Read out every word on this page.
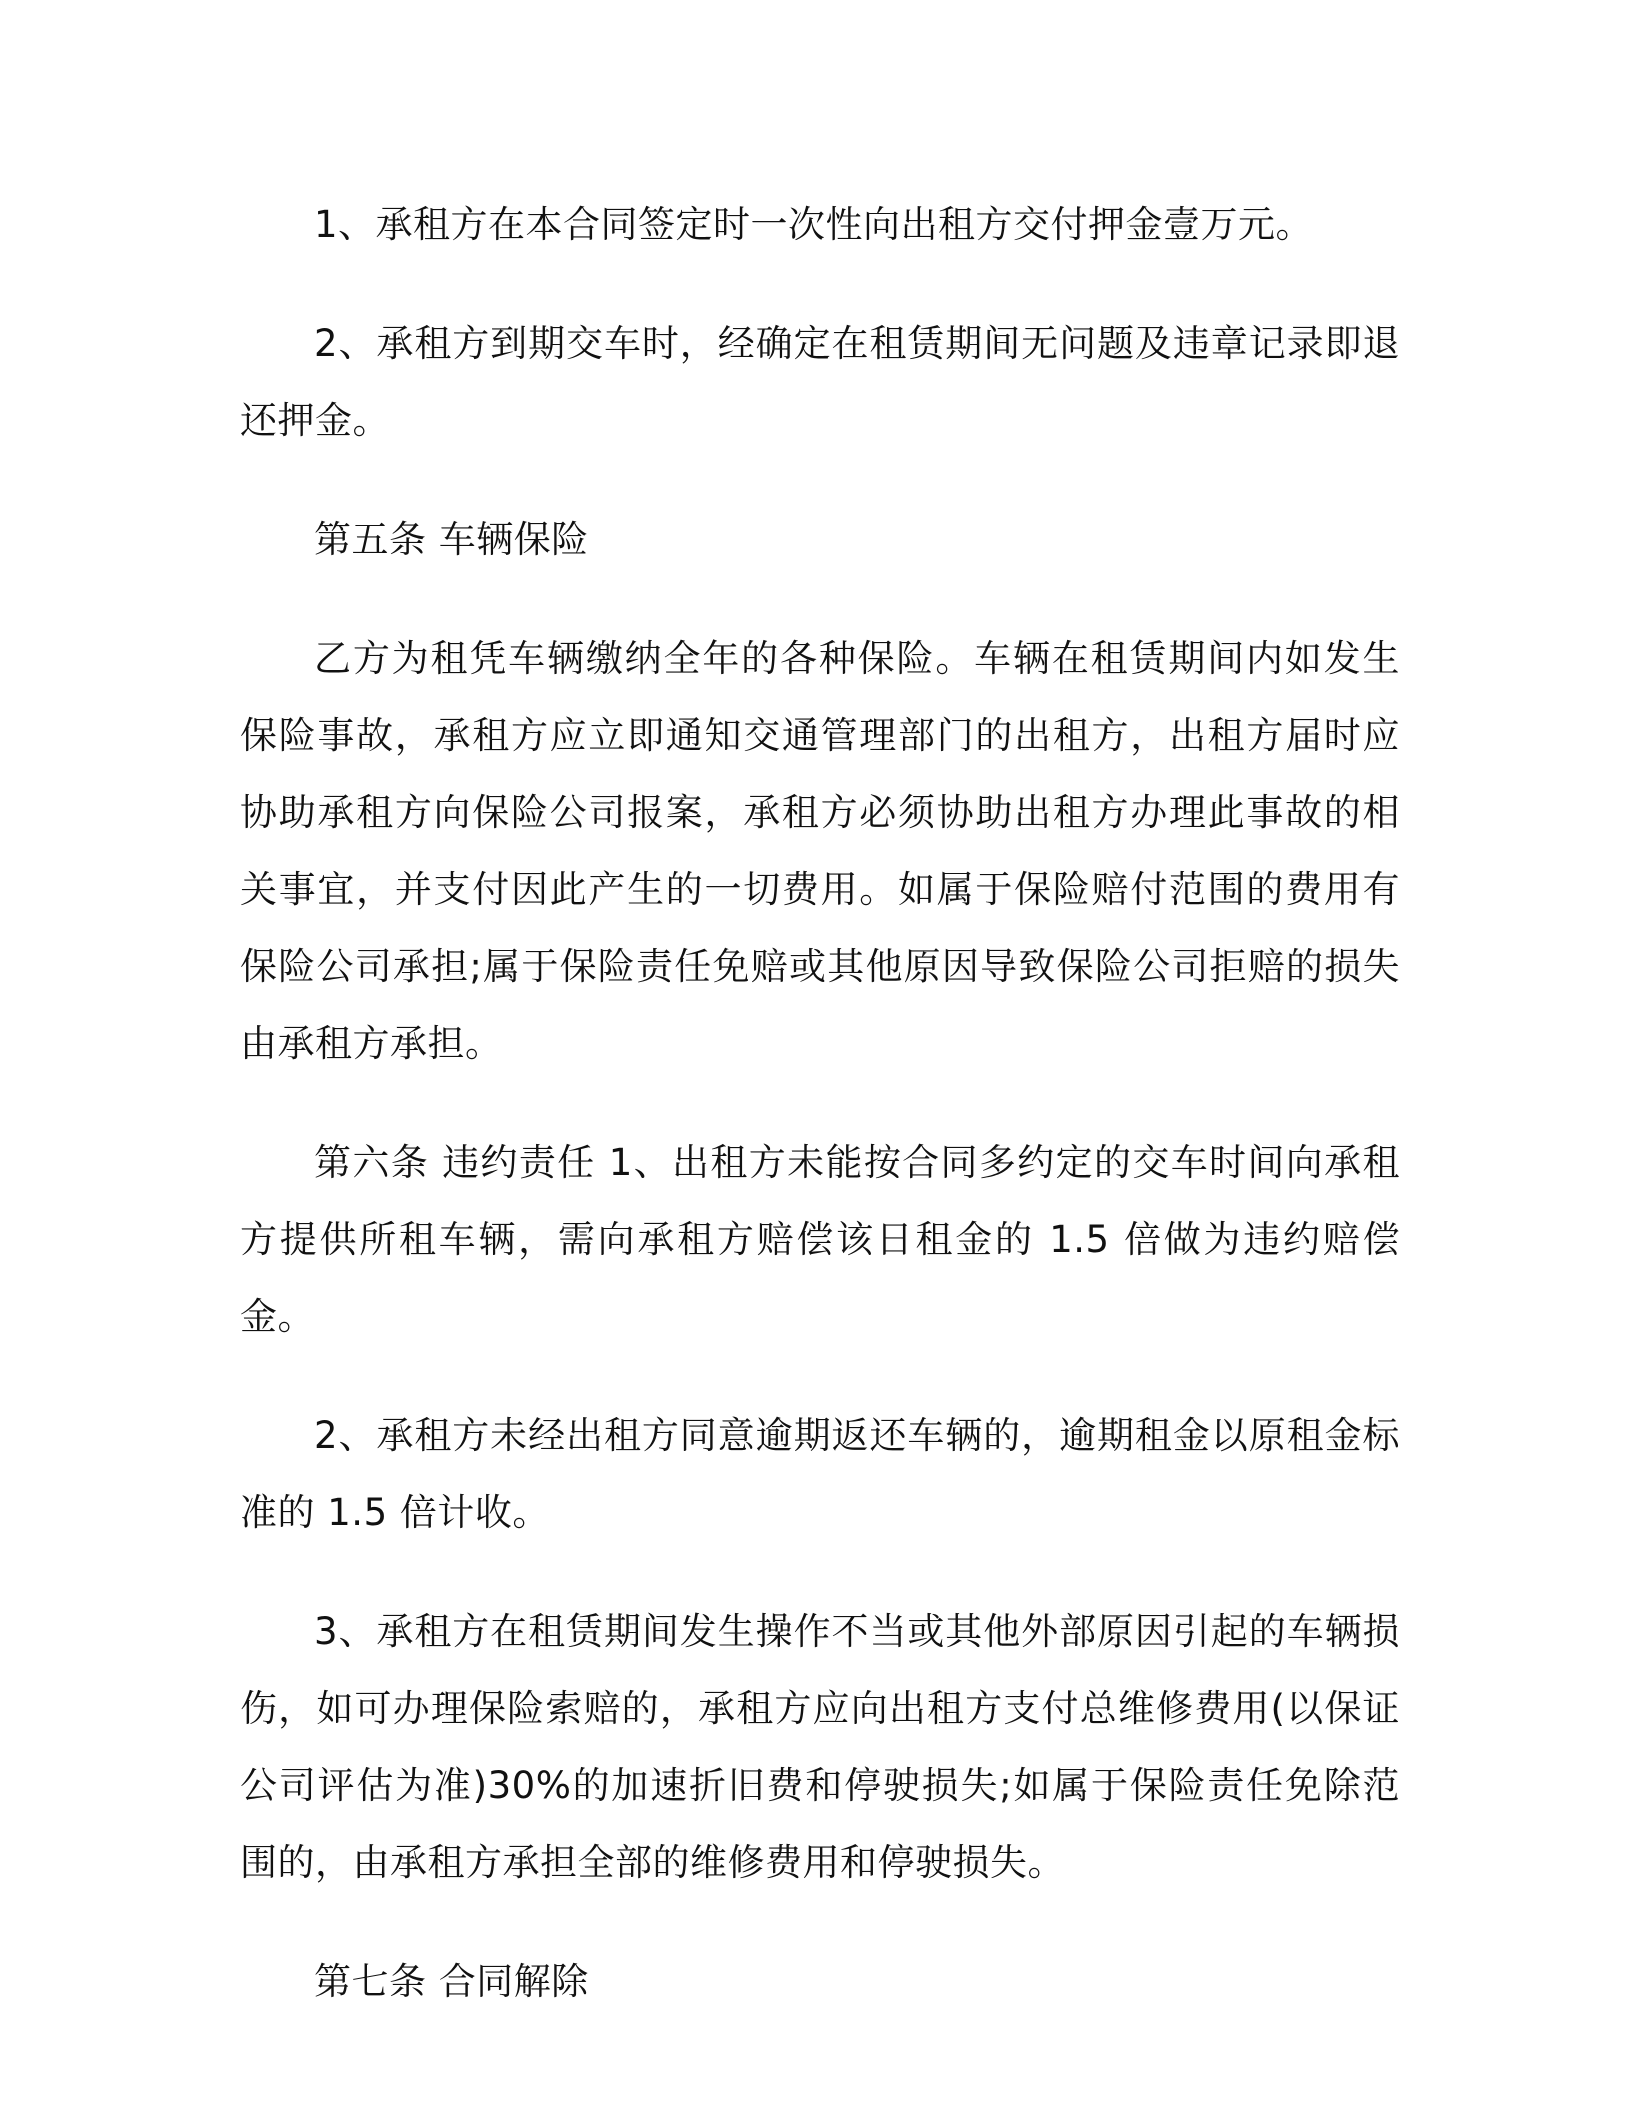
1、承租方在本合同签定时一次性向出租方交付押金壹万元。

2、承租方到期交车时，经确定在租赁期间无问题及违章记录即退还押金。

第五条 车辆保险

乙方为租凭车辆缴纳全年的各种保险。车辆在租赁期间内如发生保险事故，承租方应立即通知交通管理部门的出租方，出租方届时应协助承租方向保险公司报案，承租方必须协助出租方办理此事故的相关事宜，并支付因此产生的一切费用。如属于保险赔付范围的费用有保险公司承担;属于保险责任免赔或其他原因导致保险公司拒赔的损失由承租方承担。

第六条 违约责任 1、出租方未能按合同多约定的交车时间向承租方提供所租车辆，需向承租方赔偿该日租金的 1.5 倍做为违约赔偿金。

2、承租方未经出租方同意逾期返还车辆的，逾期租金以原租金标准的 1.5 倍计收。

3、承租方在租赁期间发生操作不当或其他外部原因引起的车辆损伤，如可办理保险索赔的，承租方应向出租方支付总维修费用(以保证公司评估为准)30%的加速折旧费和停驶损失;如属于保险责任免除范围的，由承租方承担全部的维修费用和停驶损失。

第七条 合同解除
